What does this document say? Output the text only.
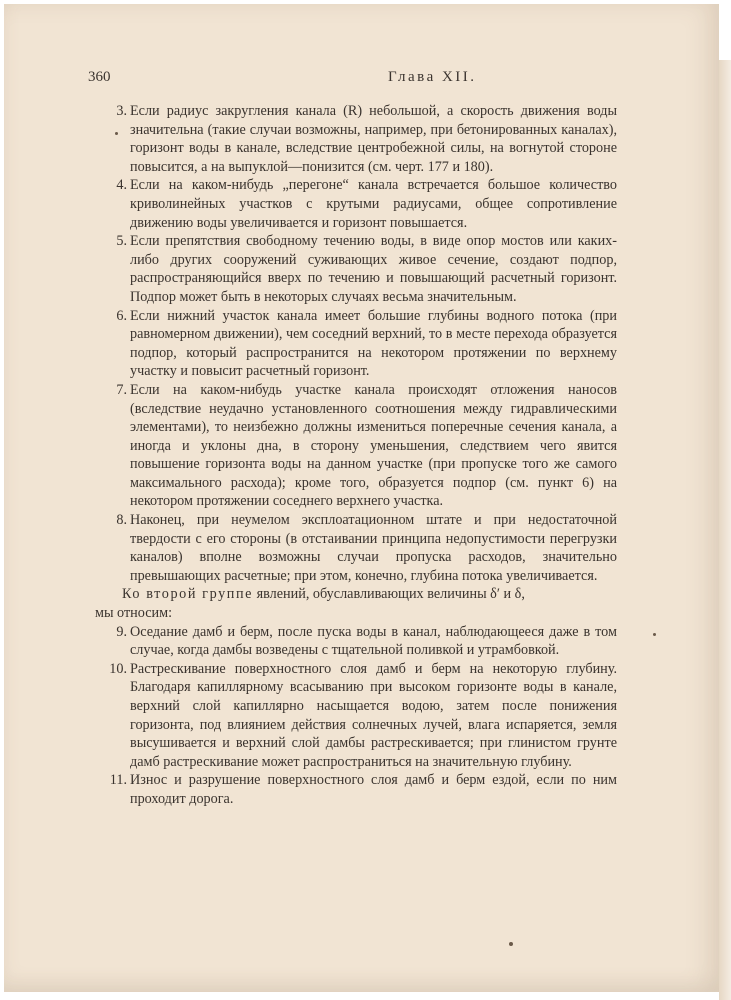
360	Глава XII.
3. Если радиус закругления канала (R) небольшой, а скорость движения воды значительна (такие случаи возможны, например, при бетонированных каналах), горизонт воды в канале, вследствие центробежной силы, на вогнутой стороне повысится, а на выпуклой—понизится (см. черт. 177 и 180).

4. Если на каком-нибудь „перегоне“ канала встречается большое количество криволинейных участков с крутыми радиусами, общее сопротивление движению воды увеличивается и горизонт повышается.

5. Если препятствия свободному течению воды, в виде опор мостов или каких-либо других сооружений суживающих живое сечение, создают подпор, распространяющийся вверх по течению и повышающий расчетный горизонт. Подпор может быть в некоторых случаях весьма значительным.

6. Если нижний участок канала имеет большие глубины водного потока (при равномерном движении), чем соседний верхний, то в месте перехода образуется подпор, который распространится на некотором протяжении по верхнему участку и повысит расчетный горизонт.

7. Если на каком-нибудь участке канала происходят отложения наносов (вследствие неудачно установленного соотношения между гидравлическими элементами), то неизбежно должны измениться поперечные сечения канала, а иногда и уклоны дна, в сторону уменьшения, следствием чего явится повышение горизонта воды на данном участке (при пропуске того же самого максимального расхода); кроме того, образуется подпор (см. пункт 6) на некотором протяжении соседнего верхнего участка.

8. Наконец, при неумелом эксплоатационном штате и при недостаточной твердости с его стороны (в отстаивании принципа недопустимости перегрузки каналов) вполне возможны случаи пропуска расходов, значительно превышающих расчетные; при этом, конечно, глубина потока увеличивается.

Ко второй группе явлений, обуславливающих величины δ′ и δ,

мы относим:

9. Оседание дамб и берм, после пуска воды в канал, наблюдающееся даже в том случае, когда дамбы возведены с тщательной поливкой и утрамбовкой.

10. Растрескивание поверхностного слоя дамб и берм на некоторую глубину. Благодаря капиллярному всасыванию при высоком горизонте воды в канале, верхний слой капиллярно насыщается водою, затем после понижения горизонта, под влиянием действия солнечных лучей, влага испаряется, земля высушивается и верхний слой дамбы растрескивается; при глинистом грунте дамб растрескивание может распространиться на значительную глубину.

11. Износ и разрушение поверхностного слоя дамб и берм ездой, если по ним проходит дорога.
